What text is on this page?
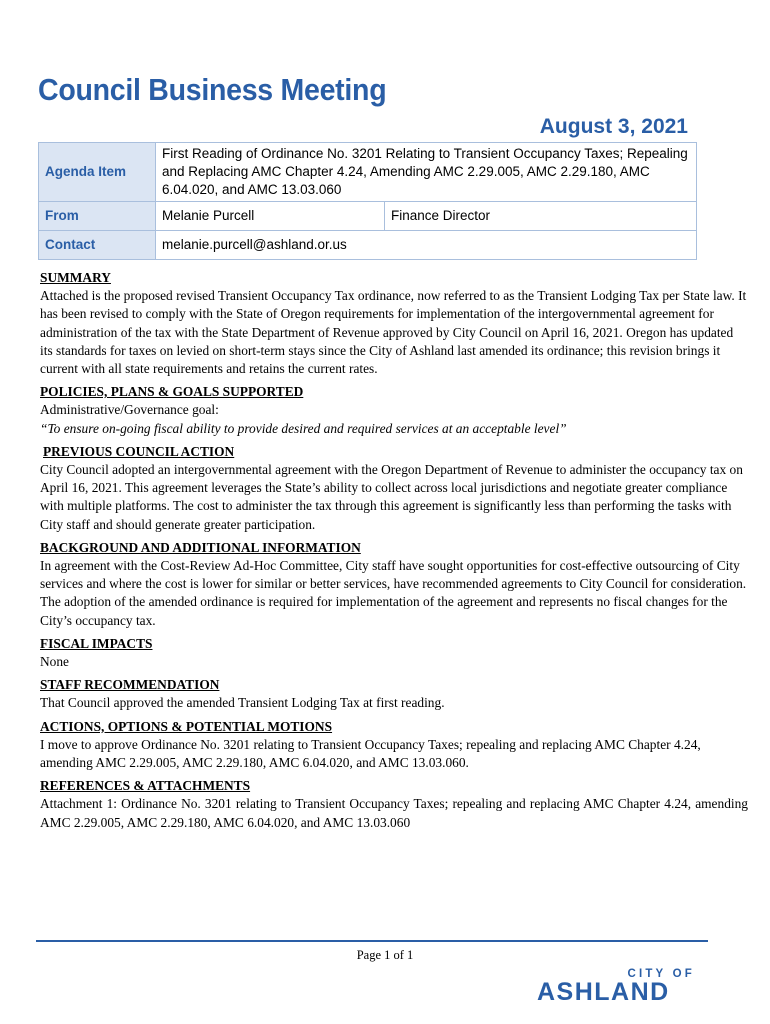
Council Business Meeting
August 3, 2021
Agenda Item	First Reading of Ordinance No. 3201 Relating to Transient Occupancy Taxes; Repealing and Replacing AMC Chapter 4.24, Amending AMC 2.29.005, AMC 2.29.180, AMC 6.04.020, and AMC 13.03.060	
From	Melanie Purcell	Finance Director
Contact	melanie.purcell@ashland.or.us	
SUMMARY

Attached is the proposed revised Transient Occupancy Tax ordinance, now referred to as the Transient Lodging Tax per State law. It has been revised to comply with the State of Oregon requirements for implementation of the intergovernmental agreement for administration of the tax with the State Department of Revenue approved by City Council on April 16, 2021. Oregon has updated its standards for taxes on levied on short-term stays since the City of Ashland last amended its ordinance; this revision brings it current with all state requirements and retains the current rates.

POLICIES, PLANS & GOALS SUPPORTED

Administrative/Governance goal:

“To ensure on-going fiscal ability to provide desired and required services at an acceptable level”

PREVIOUS COUNCIL ACTION

City Council adopted an intergovernmental agreement with the Oregon Department of Revenue to administer the occupancy tax on April 16, 2021. This agreement leverages the State’s ability to collect across local jurisdictions and negotiate greater compliance with multiple platforms. The cost to administer the tax through this agreement is significantly less than performing the tasks with City staff and should generate greater participation.

BACKGROUND AND ADDITIONAL INFORMATION

In agreement with the Cost-Review Ad-Hoc Committee, City staff have sought opportunities for cost-effective outsourcing of City services and where the cost is lower for similar or better services, have recommended agreements to City Council for consideration. The adoption of the amended ordinance is required for implementation of the agreement and represents no fiscal changes for the City’s occupancy tax.

FISCAL IMPACTS

None

STAFF RECOMMENDATION

That Council approved the amended Transient Lodging Tax at first reading.

ACTIONS, OPTIONS & POTENTIAL MOTIONS

I move to approve Ordinance No. 3201 relating to Transient Occupancy Taxes; repealing and replacing AMC Chapter 4.24, amending AMC 2.29.005, AMC 2.29.180, AMC 6.04.020, and AMC 13.03.060.

REFERENCES & ATTACHMENTS

Attachment 1: Ordinance No. 3201 relating to Transient Occupancy Taxes; repealing and replacing AMC Chapter 4.24, amending AMC 2.29.005, AMC 2.29.180, AMC 6.04.020, and AMC 13.03.060

Page 1 of 1
CITY OF
ASHLAND
